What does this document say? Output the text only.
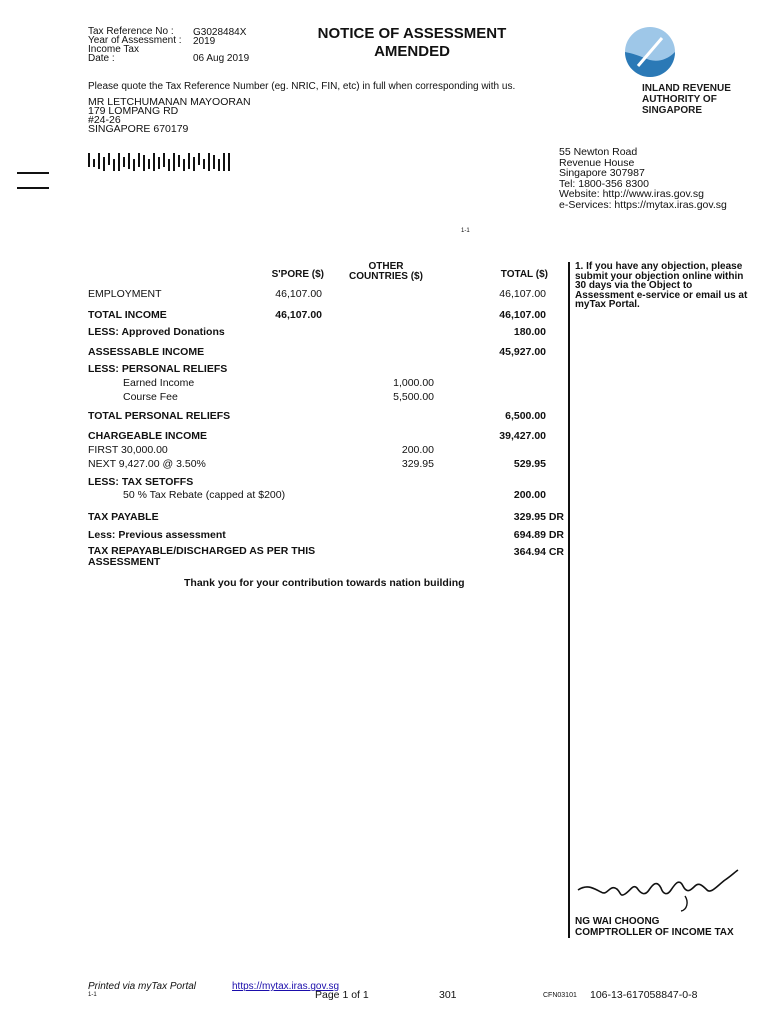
Tax Reference No : G3028484X
Year of Assessment : 2019
Income Tax
Date :	06 Aug 2019
NOTICE OF ASSESSMENT
AMENDED
INLAND REVENUE
AUTHORITY OF
SINGAPORE
Please quote the Tax Reference Number (eg. NRIC, FIN, etc) in full when corresponding with us.
MR LETCHUMANAN MAYOORAN
179 LOMPANG RD
#24-26
SINGAPORE 670179
55 Newton Road
Revenue House
Singapore 307987
Tel: 1800-356 8300
Website: http://www.iras.gov.sg
e-Services: https://mytax.iras.gov.sg
1-1
S'PORE ($)
OTHER
COUNTRIES ($)	TOTAL ($)
EMPLOYMENT	46,107.00	46,107.00
TOTAL INCOME	46,107.00	46,107.00
LESS: Approved Donations	180.00
ASSESSABLE INCOME	45,927.00
LESS: PERSONAL RELIEFS
Earned Income	1,000.00
Course Fee	5,500.00
TOTAL PERSONAL RELIEFS	6,500.00
CHARGEABLE INCOME	39,427.00
FIRST 30,000.00	200.00
NEXT 9,427.00 @ 3.50%	329.95	529.95
LESS: TAX SETOFFS
50 % Tax Rebate (capped at $200)	200.00
TAX PAYABLE	329.95 DR
Less: Previous assessment	694.89 DR
TAX REPAYABLE/DISCHARGED AS PER THIS
ASSESSMENT
364.94 CR
Thank you for your contribution towards nation building
1. If you have any objection, please submit your objection online within 30 days via the Object to Assessment e-service or email us at myTax Portal.
ngwaichoong
NG WAI CHOONG
COMPTROLLER OF INCOME TAX
Printed via myTax Portal	https://mytax.iras.gov.sg
1-1	Page 1 of 1	301	CFN03101 106-13-617058847-0-8
